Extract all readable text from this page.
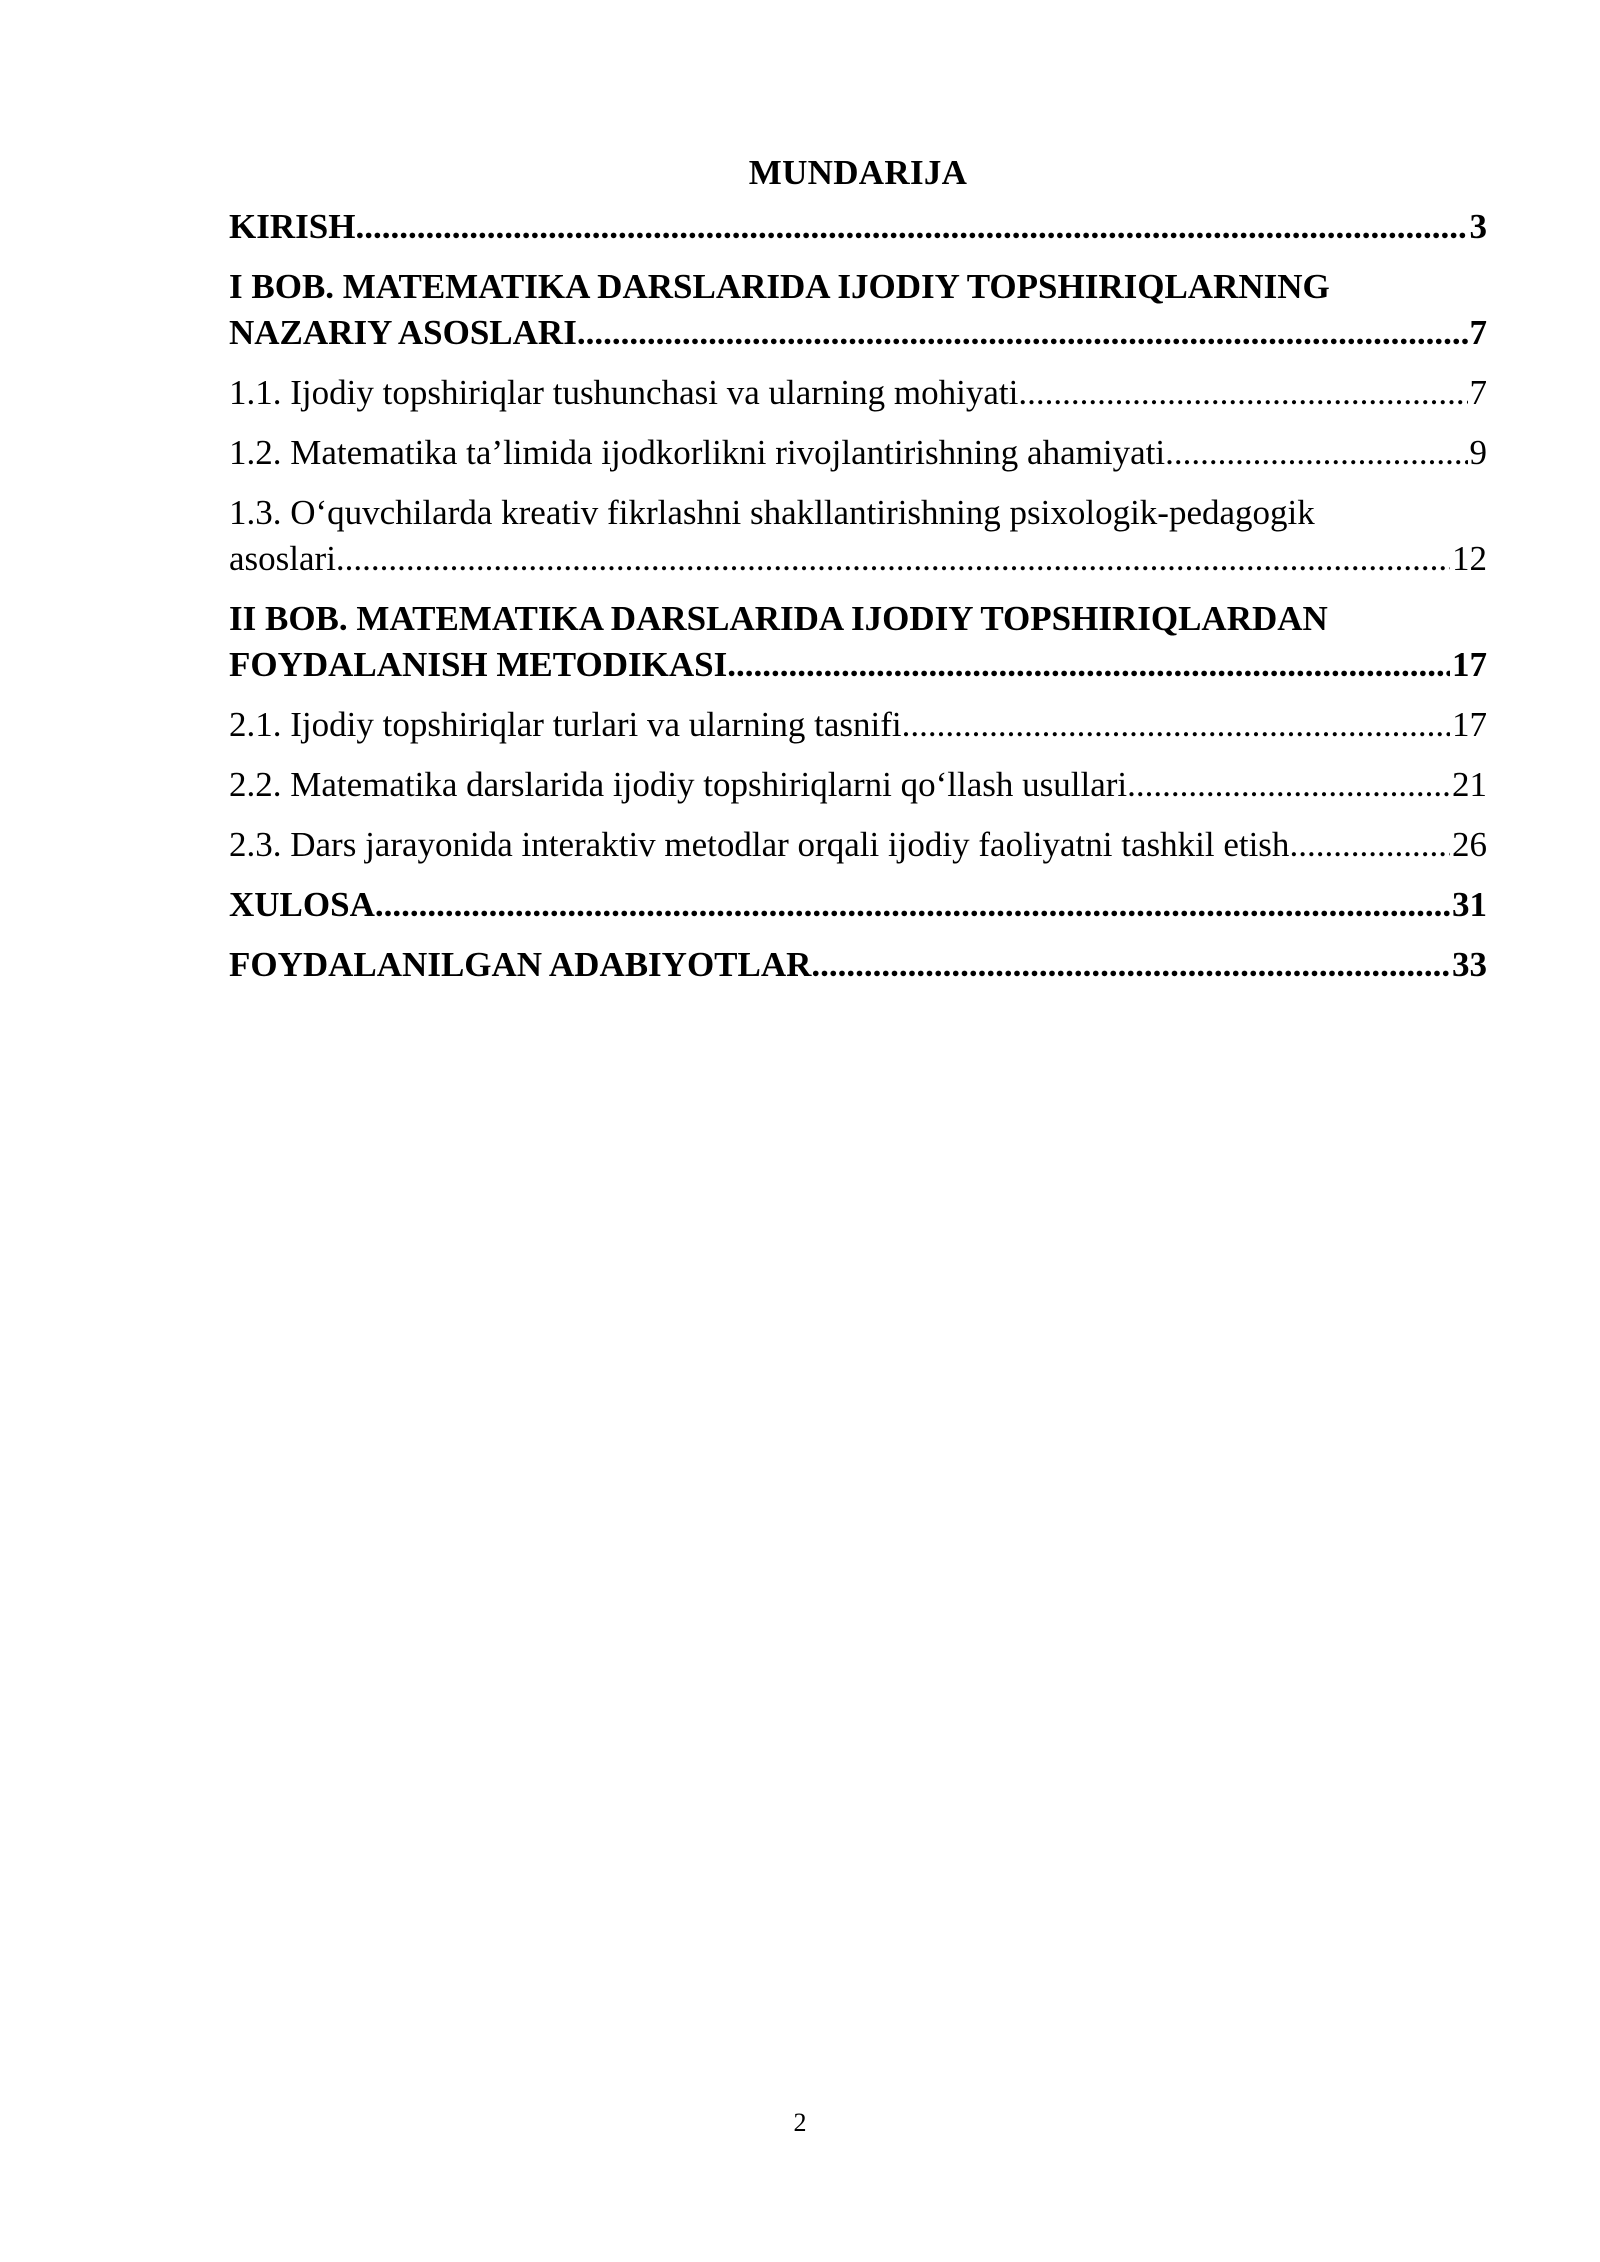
MUNDARIJA
KIRISH .....	3
I BOB. MATEMATIKA DARSLARIDA IJODIY TOPSHIRIQLARNING
NAZARIY ASOSLARI .....	7
1.1. Ijodiy topshiriqlar tushunchasi va ularning mohiyati .....	7
1.2. Matematika ta’limida ijodkorlikni rivojlantirishning ahamiyati .....	9
1.3. O‘quvchilarda kreativ fikrlashni shakllantirishning psixologik-pedagogik
asoslari .....	12
II BOB. MATEMATIKA DARSLARIDA IJODIY TOPSHIRIQLARDAN
FOYDALANISH METODIKASI .....	17
2.1. Ijodiy topshiriqlar turlari va ularning tasnifi .....	17
2.2. Matematika darslarida ijodiy topshiriqlarni qo‘llash usullari .....	21
2.3. Dars jarayonida interaktiv metodlar orqali ijodiy faoliyatni tashkil etish .....	26
XULOSA .....	31
FOYDALANILGAN ADABIYOTLAR .....	33
2
